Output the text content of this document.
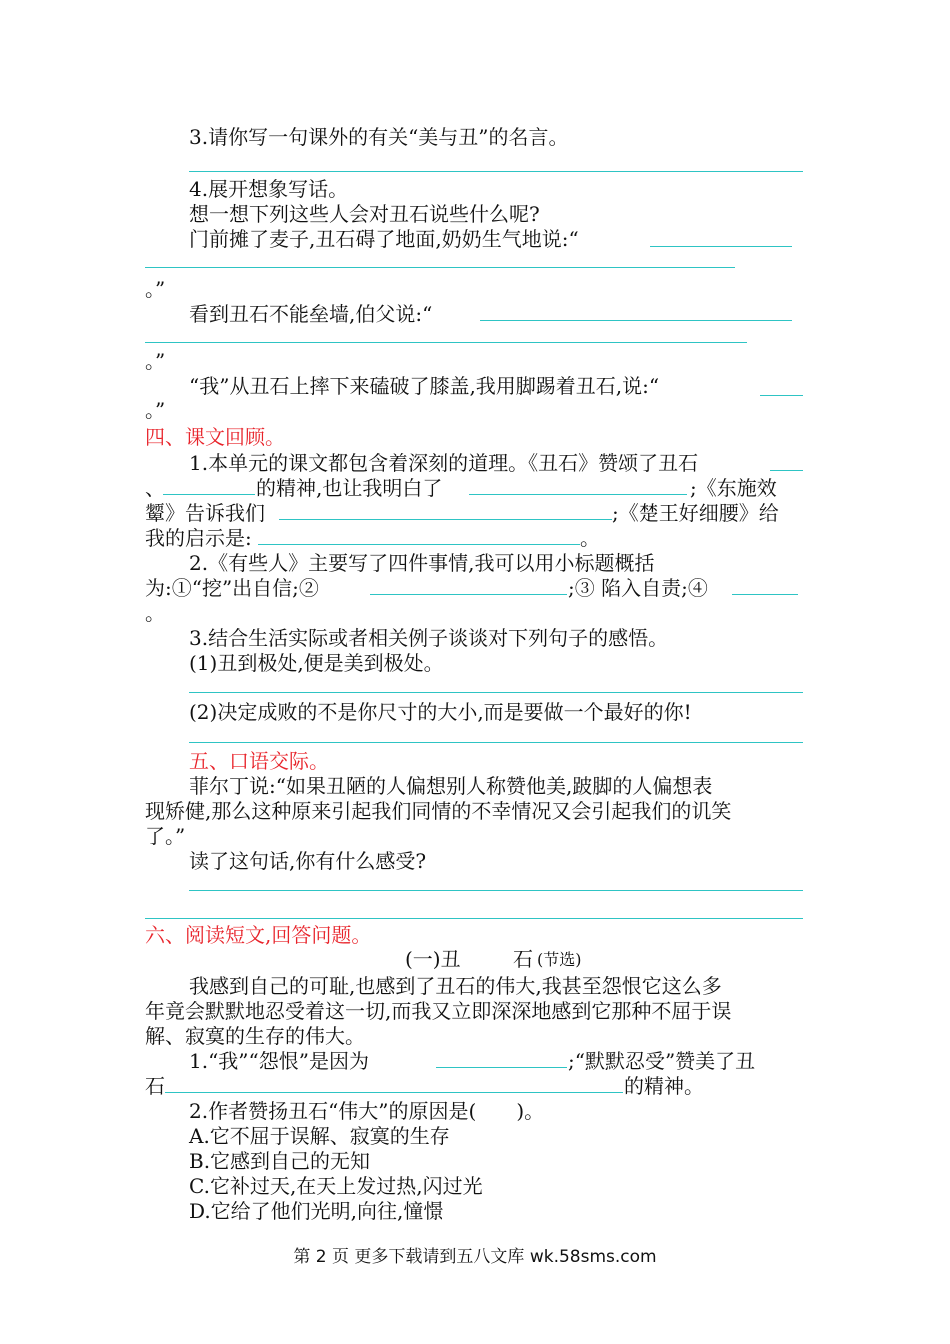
3.请你写一句课外的有关“美与丑”的名言。
4.展开想象写话。
想一想下列这些人会对丑石说些什么呢?
门前摊了麦子,丑石碍了地面,奶奶生气地说:“
。”
看到丑石不能垒墙,伯父说:“
。”
“我”从丑石上摔下来磕破了膝盖,我用脚踢着丑石,说:“
。”
四、课文回顾。
1.本单元的课文都包含着深刻的道理。《丑石》赞颂了丑石
、	的精神,也让我明白了	;《东施效
颦》告诉我们	;《楚王好细腰》给
我的启示是:	。
2.《有些人》主要写了四件事情,我可以用小标题概括
为:①“挖”出自信;②	;③ 陷入自责;④
。
3.结合生活实际或者相关例子谈谈对下列句子的感悟。
(1)丑到极处,便是美到极处。
(2)决定成败的不是你尺寸的大小,而是要做一个最好的你!
五、口语交际。
菲尔丁说:“如果丑陋的人偏想别人称赞他美,跛脚的人偏想表
现矫健,那么这种原来引起我们同情的不幸情况又会引起我们的讥笑
了。”
读了这句话,你有什么感受?
六、阅读短文,回答问题。
(一)丑	石 (节选)
我感到自己的可耻,也感到了丑石的伟大,我甚至怨恨它这么多
年竟会默默地忍受着这一切,而我又立即深深地感到它那种不屈于误
解、寂寞的生存的伟大。
1.“我”“怨恨”是因为	;“默默忍受”赞美了丑
石	的精神。
2.作者赞扬丑石“伟大”的原因是(　　)。
A.它不屈于误解、寂寞的生存
B.它感到自己的无知
C.它补过天,在天上发过热,闪过光
D.它给了他们光明,向往,憧憬
第 2 页 更多下载请到五八文库 wk.58sms.com
